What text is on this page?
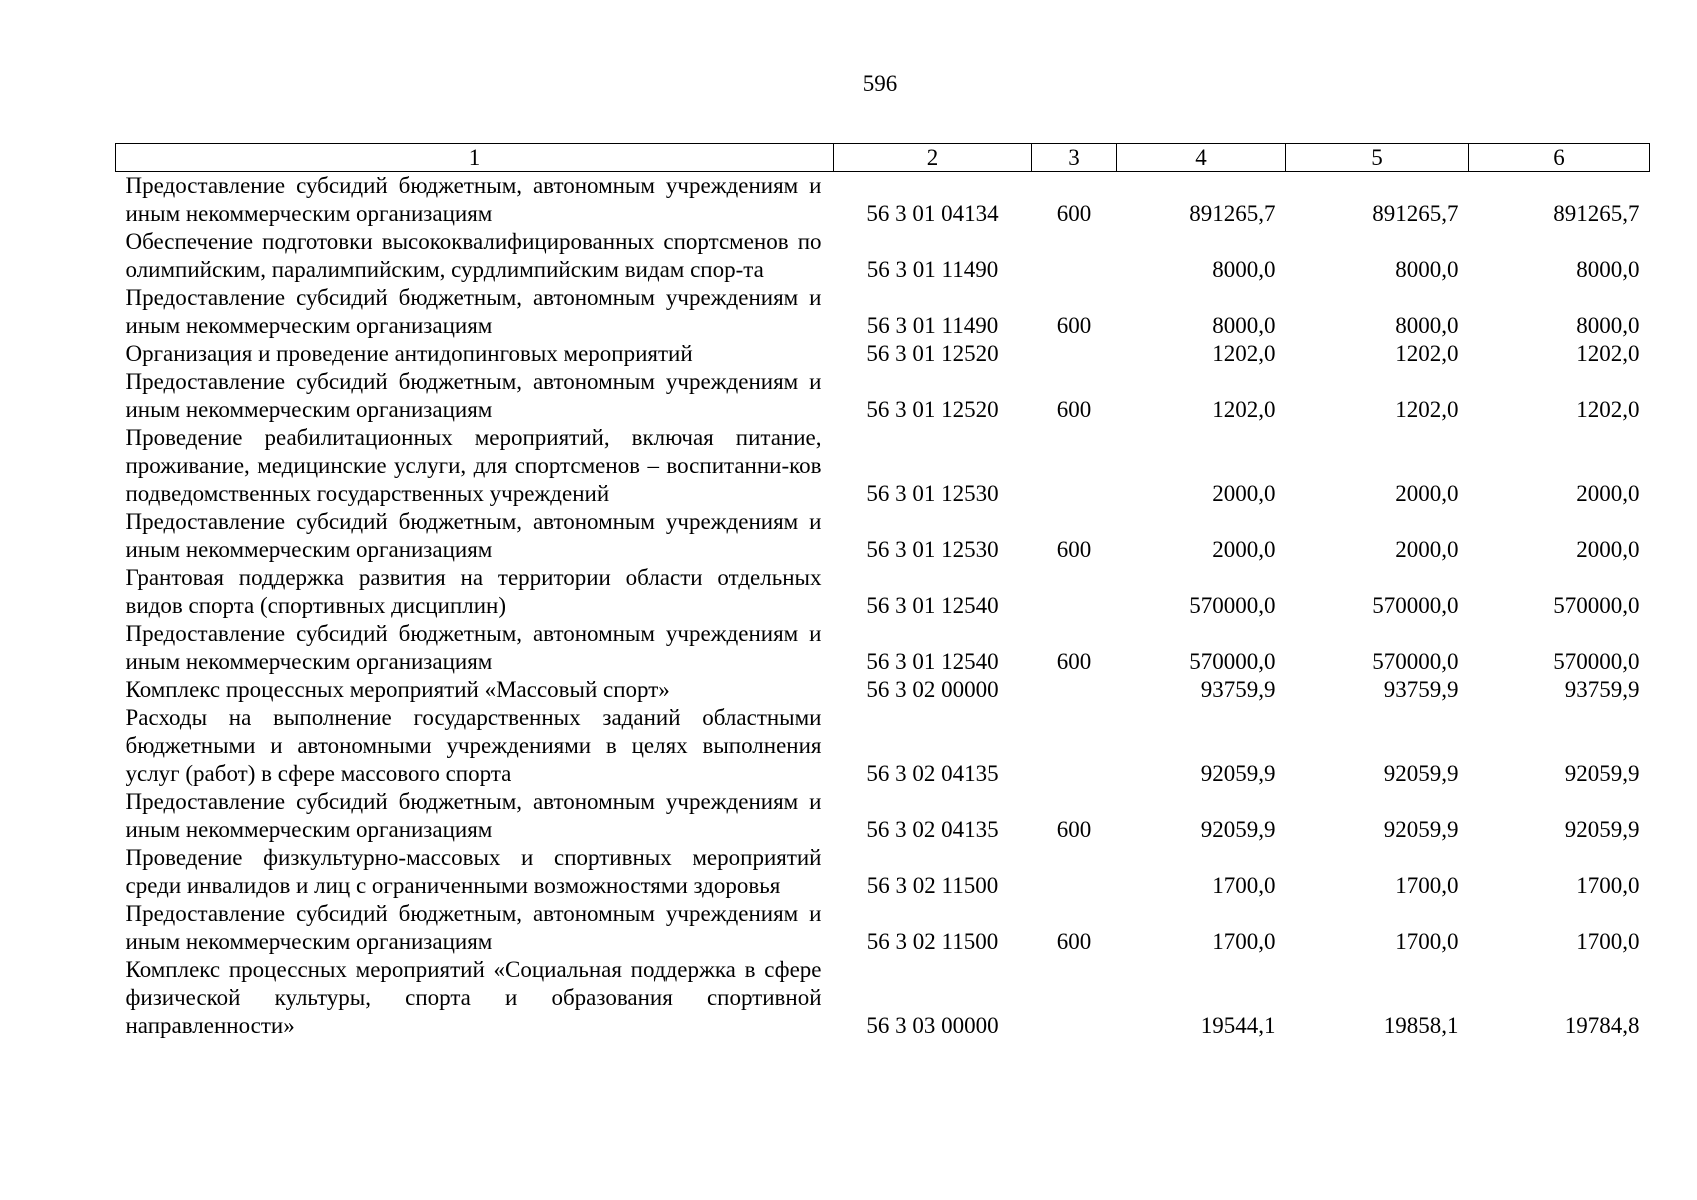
596
1	2	3	4	5	6
Предоставление субсидий бюджетным, автономным учреждениям и иным некоммерческим организациям	56 3 01 04134	600	891265,7	891265,7	891265,7
Обеспечение подготовки высококвалифицированных спортсменов по олимпийским, паралимпийским, сурдлимпийским видам спор-та	56 3 01 11490		8000,0	8000,0	8000,0
Предоставление субсидий бюджетным, автономным учреждениям и иным некоммерческим организациям	56 3 01 11490	600	8000,0	8000,0	8000,0
Организация и проведение антидопинговых мероприятий	56 3 01 12520		1202,0	1202,0	1202,0
Предоставление субсидий бюджетным, автономным учреждениям и иным некоммерческим организациям	56 3 01 12520	600	1202,0	1202,0	1202,0
Проведение реабилитационных мероприятий, включая питание, проживание, медицинские услуги, для спортсменов – воспитанни-ков подведомственных государственных учреждений	56 3 01 12530		2000,0	2000,0	2000,0
Предоставление субсидий бюджетным, автономным учреждениям и иным некоммерческим организациям	56 3 01 12530	600	2000,0	2000,0	2000,0
Грантовая поддержка развития на территории области отдельных видов спорта (спортивных дисциплин)	56 3 01 12540		570000,0	570000,0	570000,0
Предоставление субсидий бюджетным, автономным учреждениям и иным некоммерческим организациям	56 3 01 12540	600	570000,0	570000,0	570000,0
Комплекс процессных мероприятий «Массовый спорт»	56 3 02 00000		93759,9	93759,9	93759,9
Расходы на выполнение государственных заданий областными бюджетными и автономными учреждениями в целях выполнения услуг (работ) в сфере массового спорта	56 3 02 04135		92059,9	92059,9	92059,9
Предоставление субсидий бюджетным, автономным учреждениям и иным некоммерческим организациям	56 3 02 04135	600	92059,9	92059,9	92059,9
Проведение физкультурно-массовых и спортивных мероприятий среди инвалидов и лиц с ограниченными возможностями здоровья	56 3 02 11500		1700,0	1700,0	1700,0
Предоставление субсидий бюджетным, автономным учреждениям и иным некоммерческим организациям	56 3 02 11500	600	1700,0	1700,0	1700,0
Комплекс процессных мероприятий «Социальная поддержка в сфере физической культуры, спорта и образования спортивной направленности»	56 3 03 00000		19544,1	19858,1	19784,8
